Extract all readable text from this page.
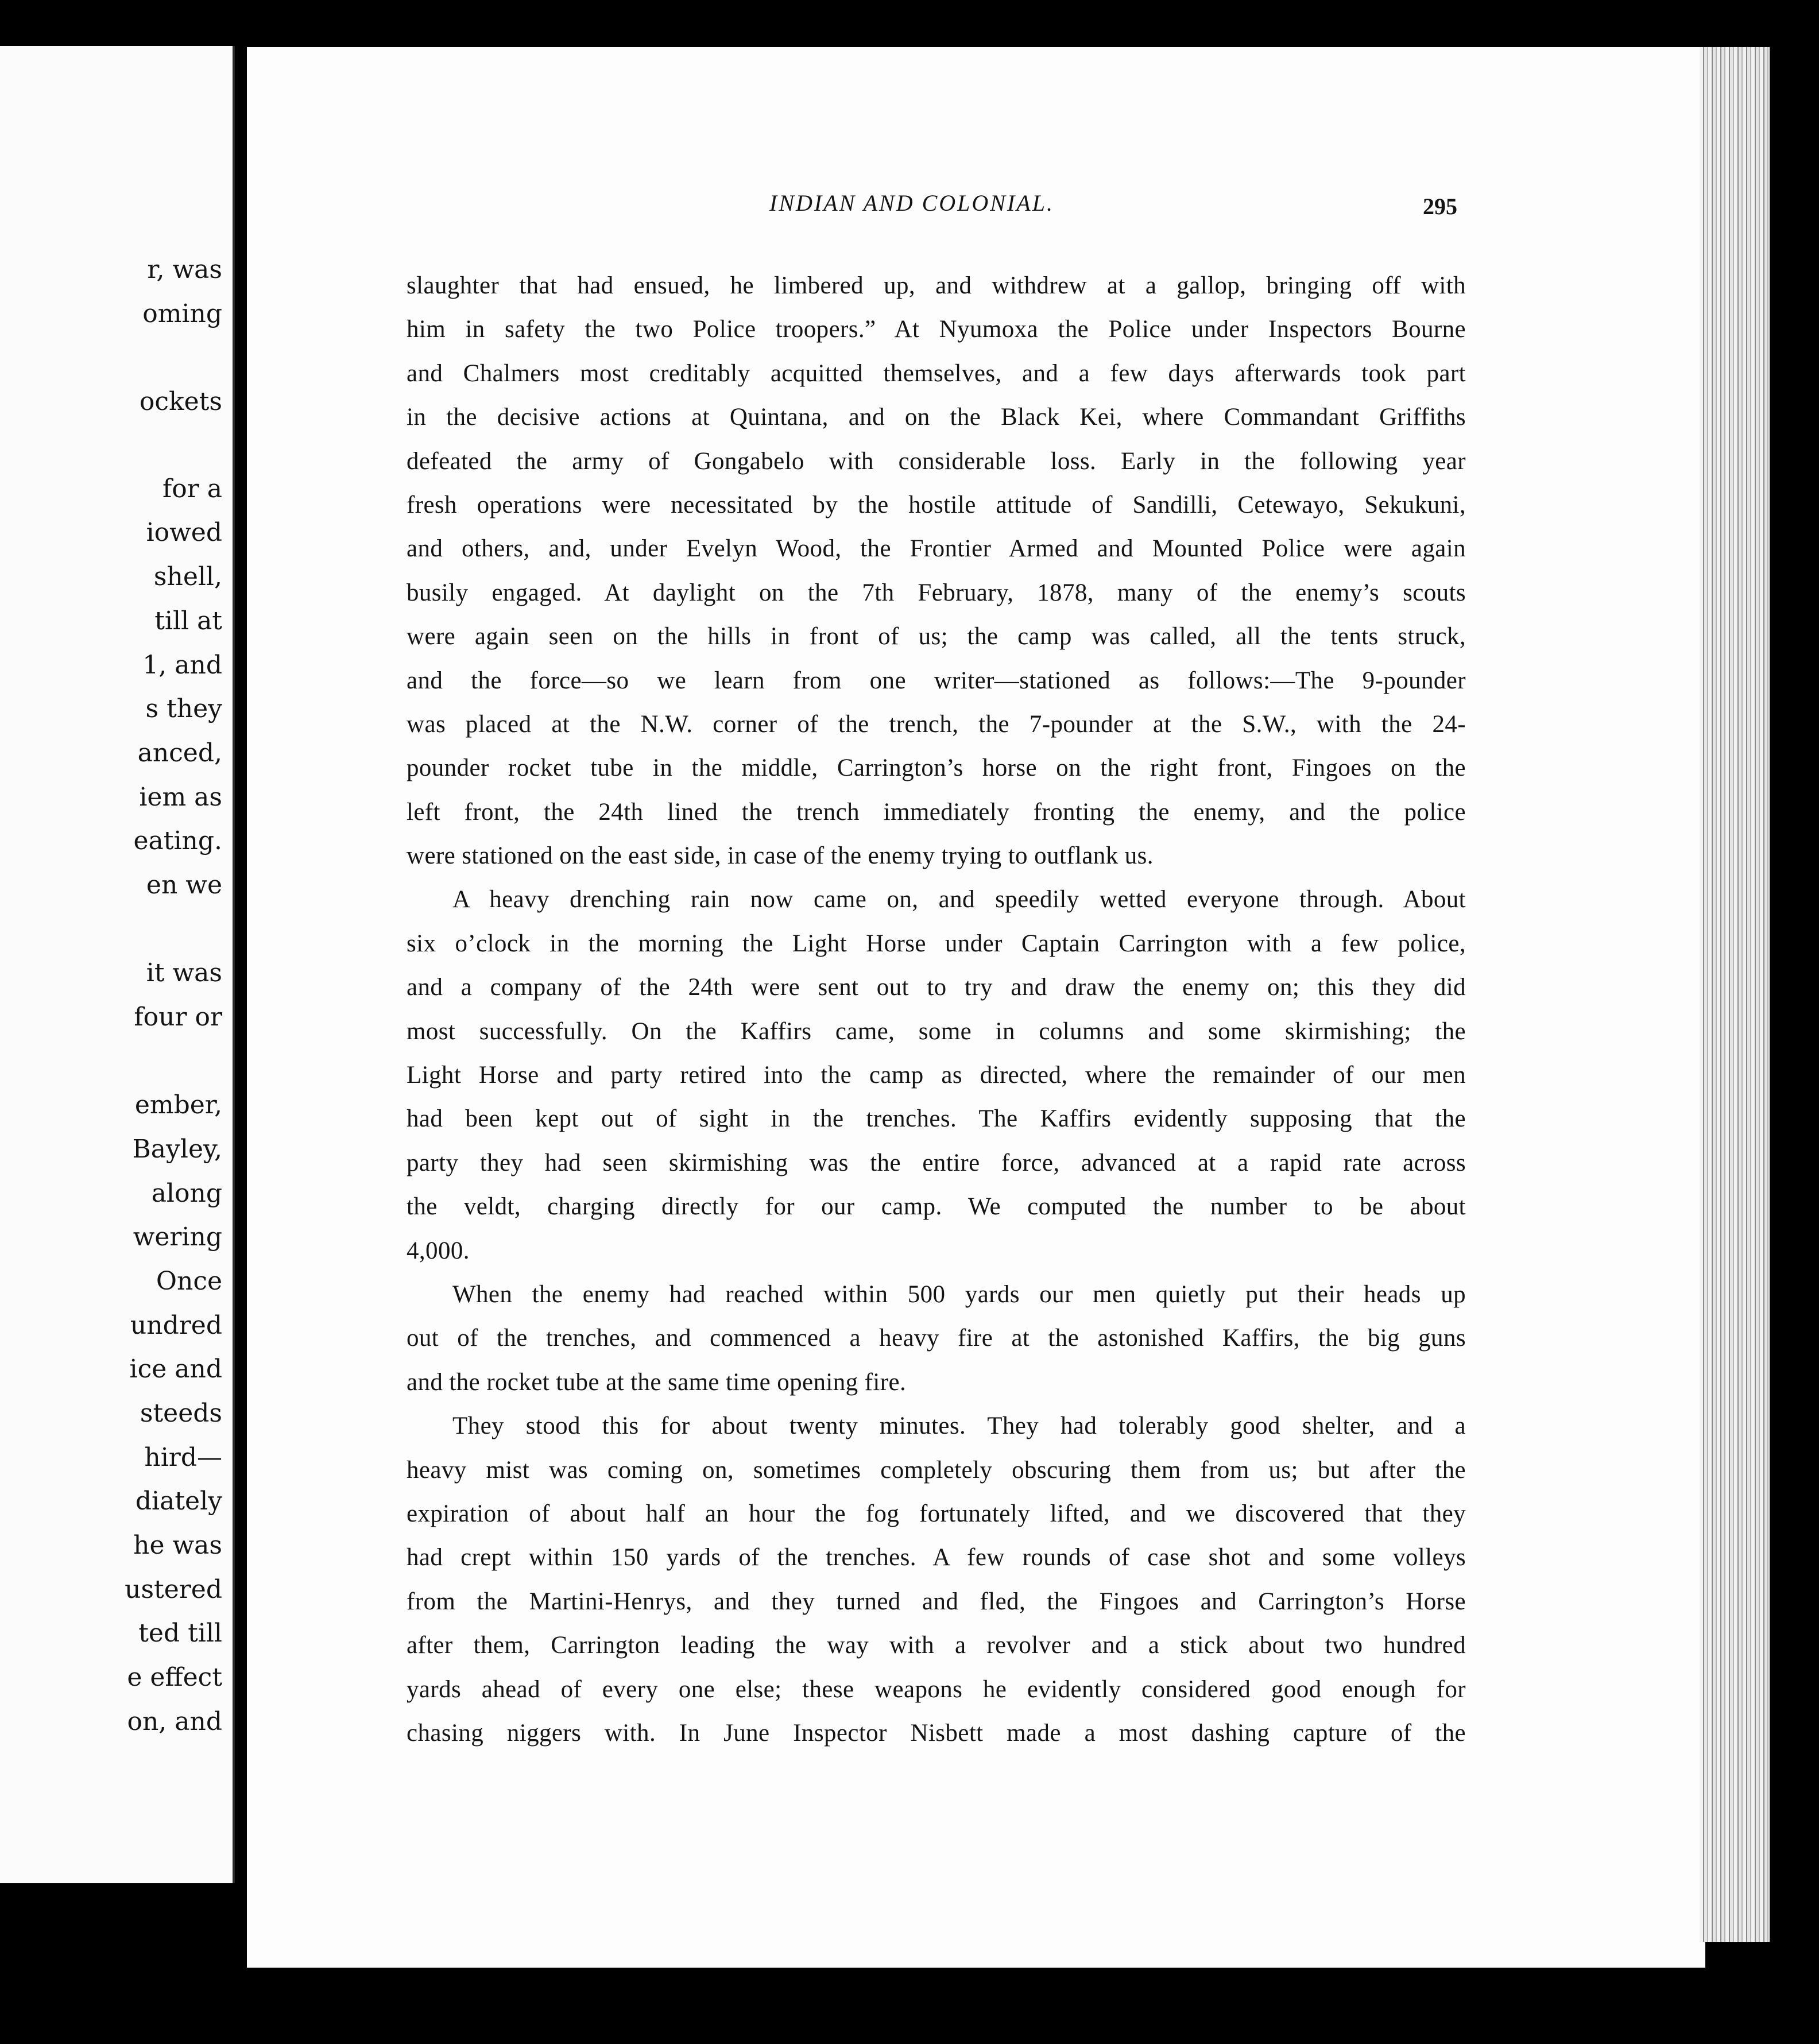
r, was
oming
ockets
for a
iowed
shell,
till at
1, and
s they
anced,
iem as
eating.
en we
it was
four or
ember,
Bayley,
along
wering
Once
undred
ice and
steeds
hird—
diately
he was
ustered
ted till
e effect
on, and
INDIAN AND COLONIAL.	295
slaughter that had ensued, he limbered up, and withdrew at a gallop, bringing off with
him in safety the two Police troopers.” At Nyumoxa the Police under Inspectors Bourne
and Chalmers most creditably acquitted themselves, and a few days afterwards took part
in the decisive actions at Quintana, and on the Black Kei, where Commandant Griffiths
defeated the army of Gongabelo with considerable loss. Early in the following year
fresh operations were necessitated by the hostile attitude of Sandilli, Cetewayo, Sekukuni,
and others, and, under Evelyn Wood, the Frontier Armed and Mounted Police were again
busily engaged. At daylight on the 7th February, 1878, many of the enemy’s scouts
were again seen on the hills in front of us; the camp was called, all the tents struck,
and the force—so we learn from one writer—stationed as follows:—The 9-pounder
was placed at the N.W. corner of the trench, the 7-pounder at the S.W., with the 24-
pounder rocket tube in the middle, Carrington’s horse on the right front, Fingoes on the
left front, the 24th lined the trench immediately fronting the enemy, and the police
were stationed on the east side, in case of the enemy trying to outflank us.
A heavy drenching rain now came on, and speedily wetted everyone through. About
six o’clock in the morning the Light Horse under Captain Carrington with a few police,
and a company of the 24th were sent out to try and draw the enemy on; this they did
most successfully. On the Kaffirs came, some in columns and some skirmishing; the
Light Horse and party retired into the camp as directed, where the remainder of our men
had been kept out of sight in the trenches. The Kaffirs evidently supposing that the
party they had seen skirmishing was the entire force, advanced at a rapid rate across
the veldt, charging directly for our camp. We computed the number to be about
4,000.
When the enemy had reached within 500 yards our men quietly put their heads up
out of the trenches, and commenced a heavy fire at the astonished Kaffirs, the big guns
and the rocket tube at the same time opening fire.
They stood this for about twenty minutes. They had tolerably good shelter, and a
heavy mist was coming on, sometimes completely obscuring them from us; but after the
expiration of about half an hour the fog fortunately lifted, and we discovered that they
had crept within 150 yards of the trenches. A few rounds of case shot and some volleys
from the Martini-Henrys, and they turned and fled, the Fingoes and Carrington’s Horse
after them, Carrington leading the way with a revolver and a stick about two hundred
yards ahead of every one else; these weapons he evidently considered good enough for
chasing niggers with. In June Inspector Nisbett made a most dashing capture of the
